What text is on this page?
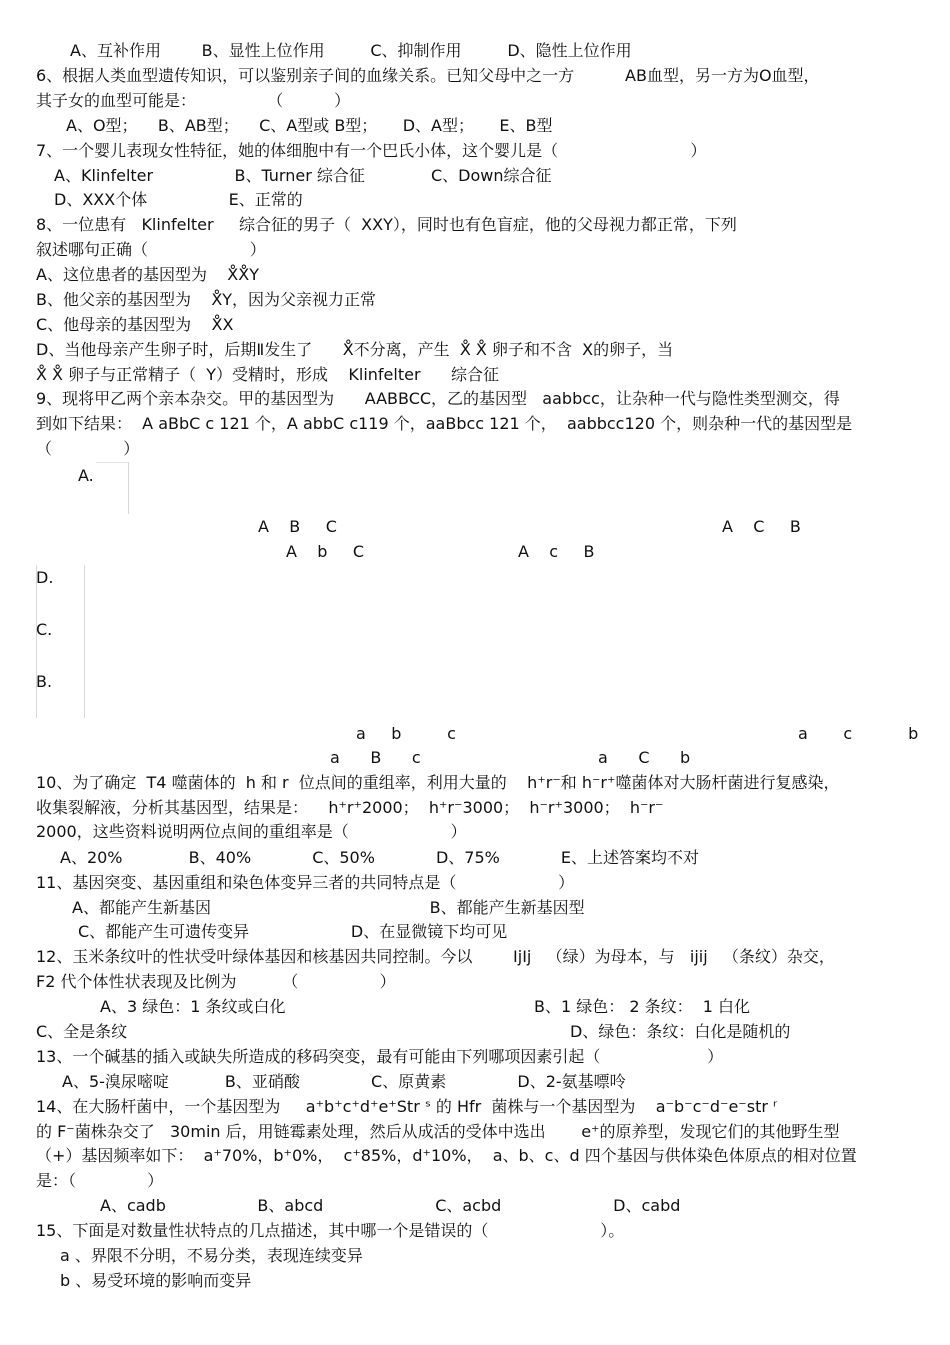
A、互补作用        B、显性上位作用         C、抑制作用         D、隐性上位作用
6、根据人类血型遗传知识，可以鉴别亲子间的血缘关系。已知父母中之一方          AB血型，另一方为O血型，
其子女的血型可能是：              （          ）
A、O型；    B、AB型；    C、A型或 B型；     D、A型；     E、B型
7、一个婴儿表现女性特征，她的体细胞中有一个巴氏小体，这个婴儿是（                          ）
A、Klinfelter                B、Turner 综合征             C、Down综合征
D、XXX个体                E、正常的
8、一位患有   Klinfelter     综合征的男子（  XXY），同时也有色盲症，他的父母视力都正常，下列
叙述哪句正确（                    ）
A、这位患者的基因型为    X̊X̊Y
B、他父亲的基因型为    X̊Y，因为父亲视力正常
C、他母亲的基因型为    X̊X
D、当他母亲产生卵子时，后期Ⅱ发生了      X̊不分离，产生  X̊ X̊ 卵子和不含  X的卵子，当
X̊ X̊ 卵子与正常精子（  Y）受精时，形成    Klinfelter      综合征
9、现将甲乙两个亲本杂交。甲的基因型为      AABBCC，乙的基因型   aabbcc，让杂种一代与隐性类型测交，得
到如下结果：  A aBbC c 121 个，A abbC c119 个，aaBbcc 121 个，  aabbcc120 个，则杂种一代的基因型是
（              ）
A.
A    B     C	A    C     B
A    b     C	A    c     B
D.
C.
B.
a     b         c	a       c           b
a      B      c	a      C      b
10、为了确定  T4 噬菌体的  h 和 r  位点间的重组率，利用大量的    h⁺r⁻和 h⁻r⁺噬菌体对大肠杆菌进行复感染，
收集裂解液，分析其基因型，结果是：    h⁺r⁺2000；  h⁺r⁻3000；  h⁻r⁺3000；  h⁻r⁻
2000，这些资料说明两位点间的重组率是（                    ）
A、20%             B、40%            C、50%            D、75%            E、上述答案均不对
11、基因突变、基因重组和染色体变异三者的共同特点是（                    ）
A、都能产生新基因                                           B、都能产生新基因型
C、都能产生可遗传变异                    D、在显微镜下均可见
12、玉米条纹叶的性状受叶绿体基因和核基因共同控制。今以        IjIj   （绿）为母本，与   ijij   （条纹）杂交，
F2 代个体性状表现及比例为         （                ）
A、3 绿色：1 条纹或白化	B、1 绿色： 2 条纹：  1 白化
C、全是条纹	D、绿色：条纹：白化是随机的
13、一个碱基的插入或缺失所造成的移码突变，最有可能由下列哪项因素引起（                     ）
A、5-溴尿嘧啶           B、亚硝酸              C、原黄素              D、2-氨基嘌呤
14、在大肠杆菌中，一个基因型为     a⁺b⁺c⁺d⁺e⁺Str ˢ 的 Hfr  菌株与一个基因型为    a⁻b⁻c⁻d⁻e⁻str ʳ
的 F⁻菌株杂交了   30min 后，用链霉素处理，然后从成活的受体中选出       e⁺的原养型，发现它们的其他野生型
（+）基因频率如下：  a⁺70%，b⁺0%，  c⁺85%，d⁺10%，  a、b、c、d 四个基因与供体染色体原点的相对位置
是：（              ）
A、cadb                  B、abcd                      C、acbd                      D、cabd
15、下面是对数量性状特点的几点描述，其中哪一个是错误的（                      ）。
a 、界限不分明，不易分类，表现连续变异
b 、易受环境的影响而变异
